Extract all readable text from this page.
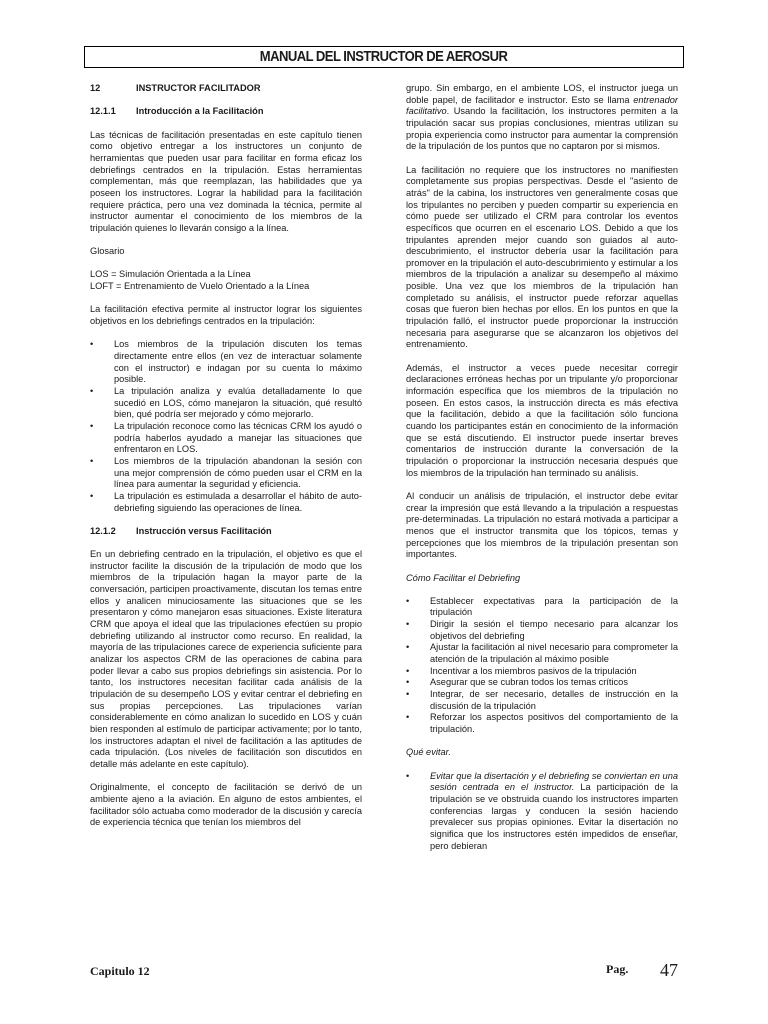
MANUAL DEL INSTRUCTOR DE AEROSUR
12	INSTRUCTOR FACILITADOR
12.1.1	Introducción a la Facilitación

Las técnicas de facilitación presentadas en este capítulo tienen como objetivo entregar a los instructores un conjunto de herramientas que pueden usar para facilitar en forma eficaz los debriefings centrados en la tripulación. Estas herramientas complementan, más que reemplazan, las habilidades que ya poseen los instructores. Lograr la habilidad para la facilitación requiere práctica, pero una vez dominada la técnica, permite al instructor aumentar el conocimiento de los miembros de la tripulación quienes lo llevarán consigo a la línea.

Glosario

LOS = Simulación Orientada a la Línea
LOFT = Entrenamiento de Vuelo Orientado a la Línea

La facilitación efectiva permite al instructor lograr los siguientes objetivos en los debriefings centrados en la tripulación:

• Los miembros de la tripulación discuten los temas directamente entre ellos (en vez de interactuar solamente con el instructor) e indagan por su cuenta lo máximo posible.
• La tripulación analiza y evalúa detalladamente lo que sucedió en LOS, cómo manejaron la situación, qué resultó bien, qué podría ser mejorado y cómo mejorarlo.
• La tripulación reconoce como las técnicas CRM los ayudó o podría haberlos ayudado a manejar las situaciones que enfrentaron en LOS.
• Los miembros de la tripulación abandonan la sesión con una mejor comprensión de cómo pueden usar el CRM en la línea para aumentar la seguridad y eficiencia.
• La tripulación es estimulada a desarrollar el hábito de auto-debriefing siguiendo las operaciones de línea.
12.1.2	Instrucción versus Facilitación

En un debriefing centrado en la tripulación, el objetivo es que el instructor facilite la discusión de la tripulación de modo que los miembros de la tripulación hagan la mayor parte de la conversación, participen proactivamente, discutan los temas entre ellos y analicen minuciosamente las situaciones que se les presentaron y cómo manejaron esas situaciones. Existe literatura CRM que apoya el ideal que las tripulaciones efectúen su propio debriefing utilizando al instructor como recurso. En realidad, la mayoría de las tripulaciones carece de experiencia suficiente para analizar los aspectos CRM de las operaciones de cabina para poder llevar a cabo sus propios debriefings sin asistencia. Por lo tanto, los instructores necesitan facilitar cada análisis de la tripulación de su desempeño LOS y evitar centrar el debriefing en sus propias percepciones. Las tripulaciones varían considerablemente en cómo analizan lo sucedido en LOS y cuán bien responden al estímulo de participar activamente; por lo tanto, los instructores adaptan el nivel de facilitación a las aptitudes de cada tripulación. (Los niveles de facilitación son discutidos en detalle más adelante en este capítulo).

Originalmente, el concepto de facilitación se derivó de un ambiente ajeno a la aviación. En alguno de estos ambientes, el facilitador sólo actuaba como moderador de la discusión y carecía de experiencia técnica que tenían los miembros del

grupo. Sin embargo, en el ambiente LOS, el instructor juega un doble papel, de facilitador e instructor. Esto se llama entrenador facilitativo. Usando la facilitación, los instructores permiten a la tripulación sacar sus propias conclusiones, mientras utilizan su propia experiencia como instructor para aumentar la comprensión de la tripulación de los puntos que no captaron por si mismos.

La facilitación no requiere que los instructores no manifiesten completamente sus propias perspectivas. Desde el "asiento de atrás" de la cabina, los instructores ven generalmente cosas que los tripulantes no perciben y pueden compartir su experiencia en cómo puede ser utilizado el CRM para controlar los eventos específicos que ocurren en el escenario LOS. Debido a que los tripulantes aprenden mejor cuando son guiados al auto-descubrimiento, el instructor debería usar la facilitación para promover en la tripulación el auto-descubrimiento y estimular a los miembros de la tripulación a analizar su desempeño al máximo posible. Una vez que los miembros de la tripulación han completado su análisis, el instructor puede reforzar aquellas cosas que fueron bien hechas por ellos. En los puntos en que la tripulación falló, el instructor puede proporcionar la instrucción necesaria para asegurarse que se alcanzaron los objetivos del entrenamiento.

Además, el instructor a veces puede necesitar corregir declaraciones erróneas hechas por un tripulante y/o proporcionar información específica que los miembros de la tripulación no poseen. En estos casos, la instrucción directa es más efectiva que la facilitación, debido a que la facilitación sólo funciona cuando los participantes están en conocimiento de la información que se está discutiendo. El instructor puede insertar breves comentarios de instrucción durante la conversación de la tripulación o proporcionar la instrucción necesaria después que los miembros de la tripulación han terminado su análisis.

Al conducir un análisis de tripulación, el instructor debe evitar crear la impresión que está llevando a la tripulación a respuestas pre-determinadas. La tripulación no estará motivada a participar a menos que el instructor transmita que los tópicos, temas y percepciones que los miembros de la tripulación presentan son importantes.

Cómo Facilitar el Debriefing

• Establecer expectativas para la participación de la tripulación
• Dirigir la sesión el tiempo necesario para alcanzar los objetivos del debriefing
• Ajustar la facilitación al nivel necesario para comprometer la atención de la tripulación al máximo posible
• Incentivar a los miembros pasivos de la tripulación
• Asegurar que se cubran todos los temas críticos
• Integrar, de ser necesario, detalles de instrucción en la discusión de la tripulación
• Reforzar los aspectos positivos del comportamiento de la tripulación.

Qué evitar.

• Evitar que la disertación y el debriefing se conviertan en una sesión centrada en el instructor. La participación de la tripulación se ve obstruida cuando los instructores imparten conferencias largas y conducen la sesión haciendo prevalecer sus propias opiniones. Evitar la disertación no significa que los instructores estén impedidos de enseñar, pero debieran
Capitulo 12	Pag. 47
